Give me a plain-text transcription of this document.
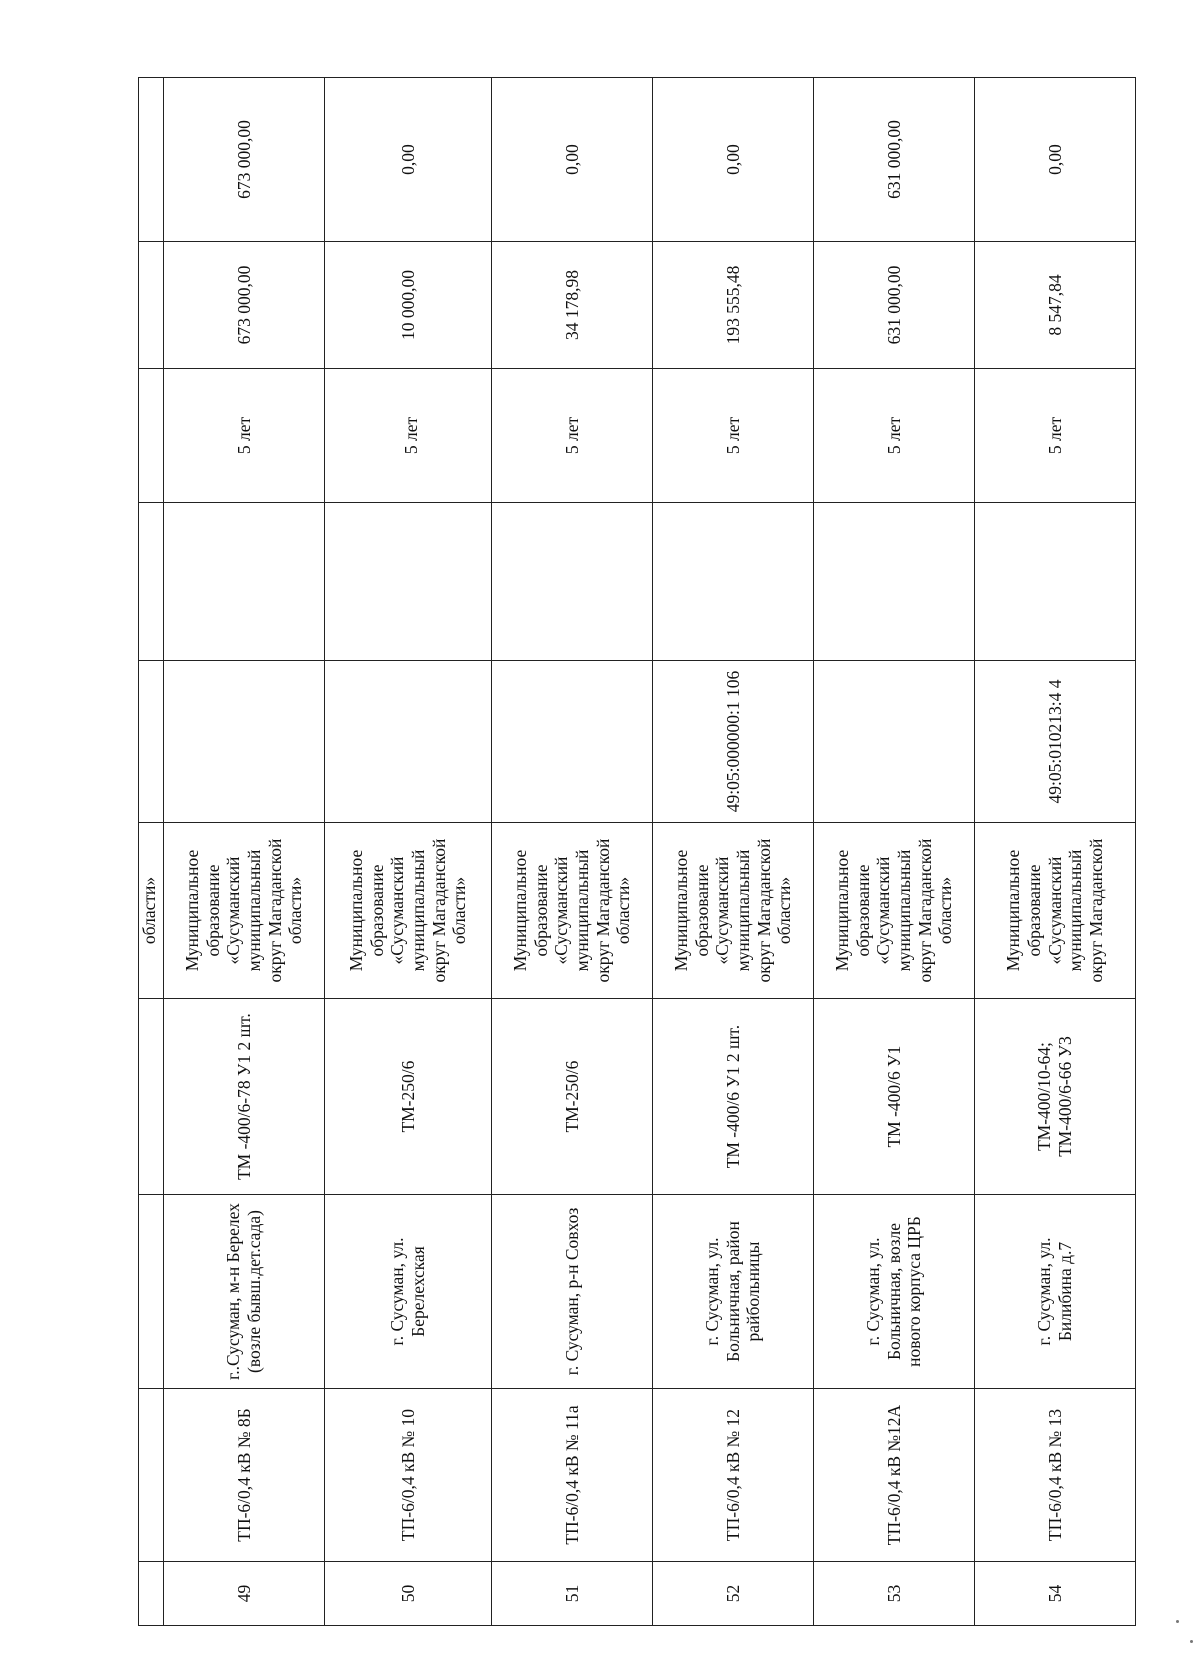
				области»					
49	ТП-6/0,4 кВ № 8Б	г..Сусуман, м-н Берелех (возле бывш.дет.сада)	ТМ -400/6-78 У1 2 шт.	Муниципальное образование «Сусуманский муниципальный округ Магаданской области»			5 лет	673 000,00	673 000,00
50	ТП-6/0,4 кВ № 10	г. Сусуман, ул. Берелехская	ТМ-250/6	Муниципальное образование «Сусуманский муниципальный округ Магаданской области»			5 лет	10 000,00	0,00
51	ТП-6/0,4 кВ № 11а	г. Сусуман, р-н Совхоз	ТМ-250/6	Муниципальное образование «Сусуманский муниципальный округ Магаданской области»			5 лет	34 178,98	0,00
52	ТП-6/0,4 кВ № 12	г. Сусуман, ул. Больничная, район райбольницы	ТМ -400/6 У1 2 шт.	Муниципальное образование «Сусуманский муниципальный округ Магаданской области»	49:05:000000:1 106		5 лет	193 555,48	0,00
53	ТП-6/0,4 кВ №12А	г. Сусуман, ул. Больничная, возле нового корпуса ЦРБ	ТМ -400/6 У1	Муниципальное образование «Сусуманский муниципальный округ Магаданской области»			5 лет	631 000,00	631 000,00
54	ТП-6/0,4 кВ № 13	г. Сусуман, ул. Билибина д.7	ТМ-400/10-64; ТМ-400/6-66 У3	Муниципальное образование «Сусуманский муниципальный округ Магаданской	49:05:010213:4 4		5 лет	8 547,84	0,00
